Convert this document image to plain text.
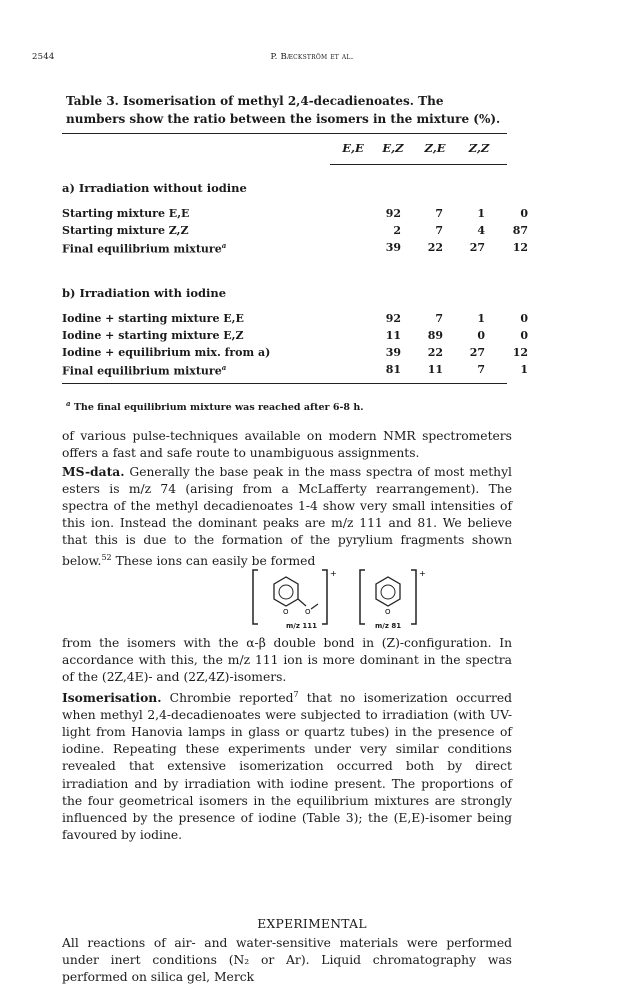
2544	P. Bæckström et al.
Table 3. Isomerisation of methyl 2,4-decadienoates. The numbers show the ratio between the isomers in the mixture (%).
E,E	E,Z	Z,E	Z,Z
a) Irradiation without iodine
Starting mixture E,E	92	7	1	0
Starting mixture Z,Z	2	7	4	87
Final equilibrium mixture$^a$	39	22	27	12
b) Irradiation with iodine
Iodine + starting mixture E,E	92	7	1	0
Iodine + starting mixture E,Z	11	89	0	0
Iodine + equilibrium mix. from a)	39	22	27	12
Final equilibrium mixture$^a$	81	11	7	1
$^a$ The final equilibrium mixture was reached after 6-8 h.

of various pulse-techniques available on modern NMR spectrometers offers a fast and safe route to unambiguous assignments.

MS-data. Generally the base peak in the mass spectra of most methyl esters is m/z 74 (arising from a McLafferty rearrangement). The spectra of the methyl decadienoates 1-4 show very small intensities of this ion. Instead the dominant peaks are m/z 111 and 81. We believe that this is due to the formation of the pyrylium fragments shown below.$^{52}$ These ions can easily be formed

O O
+
O
+
m/z 111	m/z 81

from the isomers with the α-β double bond in (Z)-configuration. In accordance with this, the m/z 111 ion is more dominant in the spectra of the (2Z,4E)- and (2Z,4Z)-isomers.

Isomerisation. Chrombie reported$^7$ that no isomerization occurred when methyl 2,4-decadienoates were subjected to irradiation (with UV-light from Hanovia lamps in glass or quartz tubes) in the presence of iodine. Repeating these experiments under very similar conditions revealed that extensive isomerization occurred both by direct irradiation and by irradiation with iodine present. The proportions of the four geometrical isomers in the equilibrium mixtures are strongly influenced by the presence of iodine (Table 3); the (E,E)-isomer being favoured by iodine.

EXPERIMENTAL
All reactions of air- and water-sensitive materials were performed under inert conditions (N₂ or Ar). Liquid chromatography was performed on silica gel, Merck
